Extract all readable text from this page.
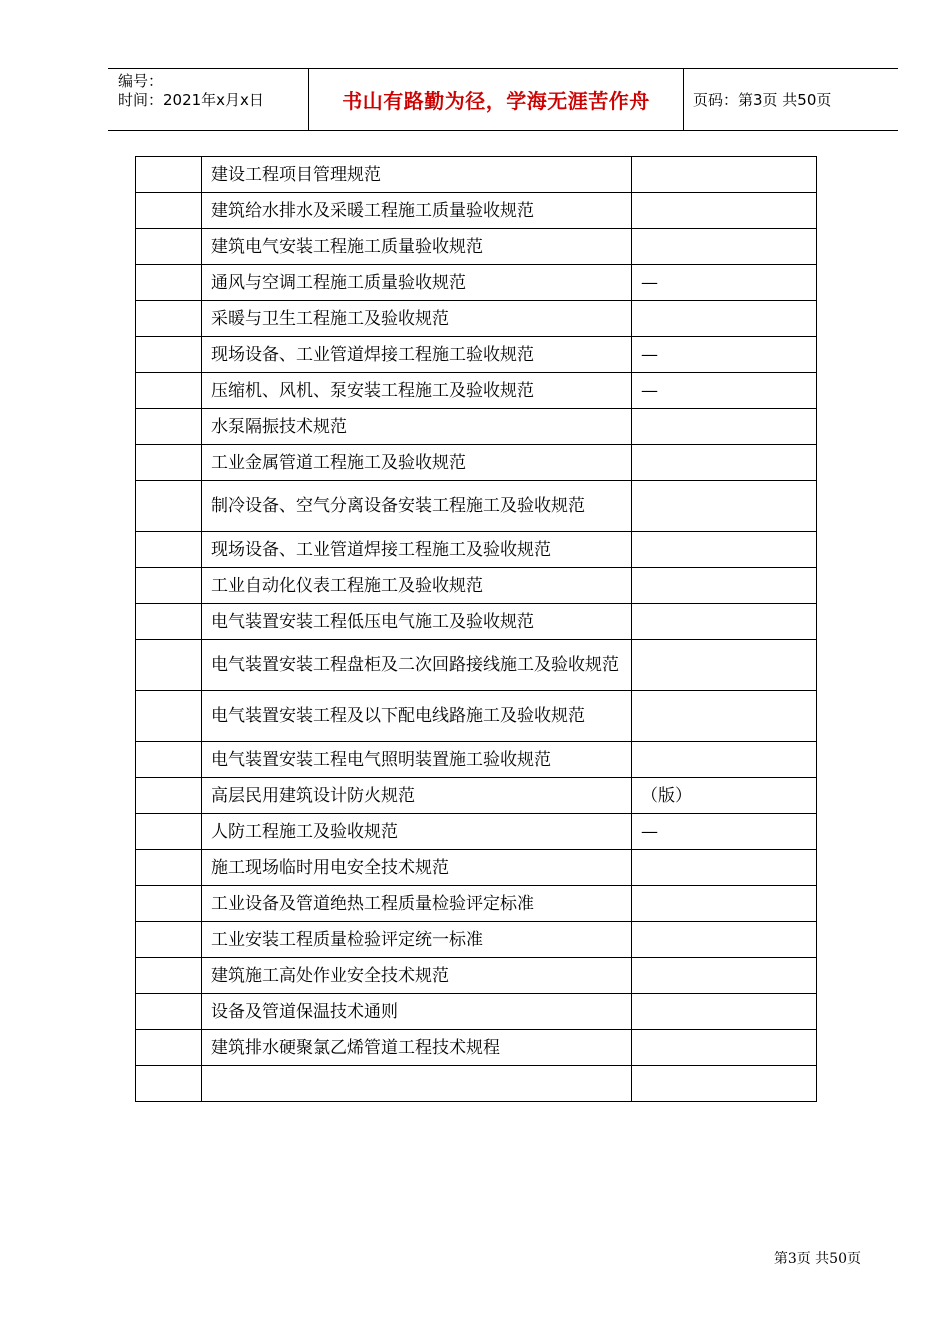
编号：
时间：2021年x月x日	书山有路勤为径，学海无涯苦作舟	页码：第3页 共50页
	建设工程项目管理规范	
	建筑给水排水及采暖工程施工质量验收规范	
	建筑电气安装工程施工质量验收规范	
	通风与空调工程施工质量验收规范	—
	采暖与卫生工程施工及验收规范	
	现场设备、工业管道焊接工程施工验收规范	—
	压缩机、风机、泵安装工程施工及验收规范	—
	水泵隔振技术规范	
	工业金属管道工程施工及验收规范	
	制冷设备、空气分离设备安装工程施工及验收规范	
	现场设备、工业管道焊接工程施工及验收规范	
	工业自动化仪表工程施工及验收规范	
	电气装置安装工程低压电气施工及验收规范	
	电气装置安装工程盘柜及二次回路接线施工及验收规范	
	电气装置安装工程及以下配电线路施工及验收规范	
	电气装置安装工程电气照明装置施工验收规范	
	高层民用建筑设计防火规范	（版）
	人防工程施工及验收规范	—
	施工现场临时用电安全技术规范	
	工业设备及管道绝热工程质量检验评定标准	
	工业安装工程质量检验评定统一标准	
	建筑施工高处作业安全技术规范	
	设备及管道保温技术通则	
	建筑排水硬聚氯乙烯管道工程技术规程	

第3页 共50页
